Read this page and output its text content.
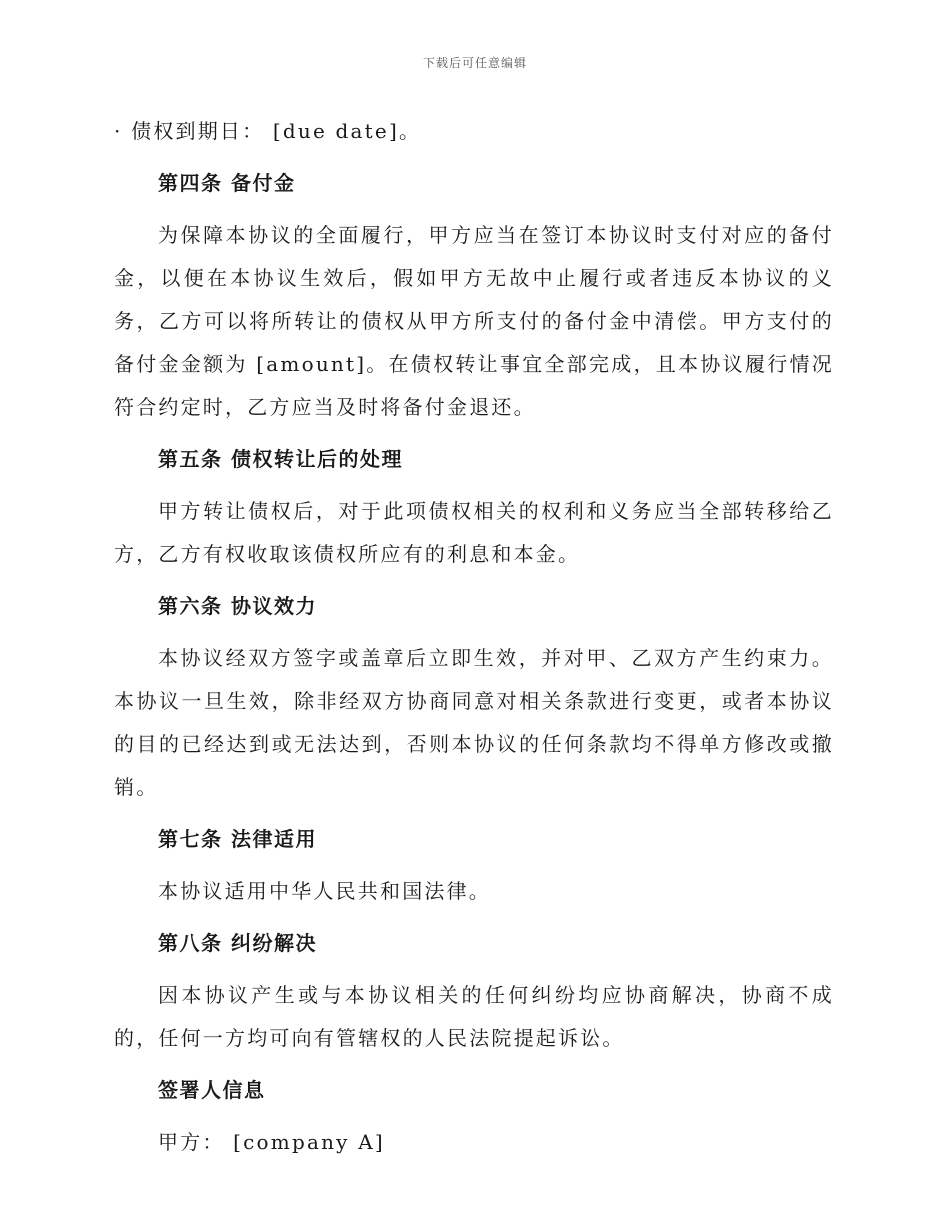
下载后可任意编辑

· 债权到期日： [due date]。

第四条 备付金

为保障本协议的全面履行，甲方应当在签订本协议时支付对应的备付金，以便在本协议生效后，假如甲方无故中止履行或者违反本协议的义务，乙方可以将所转让的债权从甲方所支付的备付金中清偿。甲方支付的备付金金额为 [amount]。在债权转让事宜全部完成，且本协议履行情况符合约定时，乙方应当及时将备付金退还。

第五条 债权转让后的处理

甲方转让债权后，对于此项债权相关的权利和义务应当全部转移给乙方，乙方有权收取该债权所应有的利息和本金。

第六条 协议效力

本协议经双方签字或盖章后立即生效，并对甲、乙双方产生约束力。本协议一旦生效，除非经双方协商同意对相关条款进行变更，或者本协议的目的已经达到或无法达到，否则本协议的任何条款均不得单方修改或撤销。

第七条 法律适用

本协议适用中华人民共和国法律。

第八条 纠纷解决

因本协议产生或与本协议相关的任何纠纷均应协商解决，协商不成的，任何一方均可向有管辖权的人民法院提起诉讼。

签署人信息

甲方： [company A]
